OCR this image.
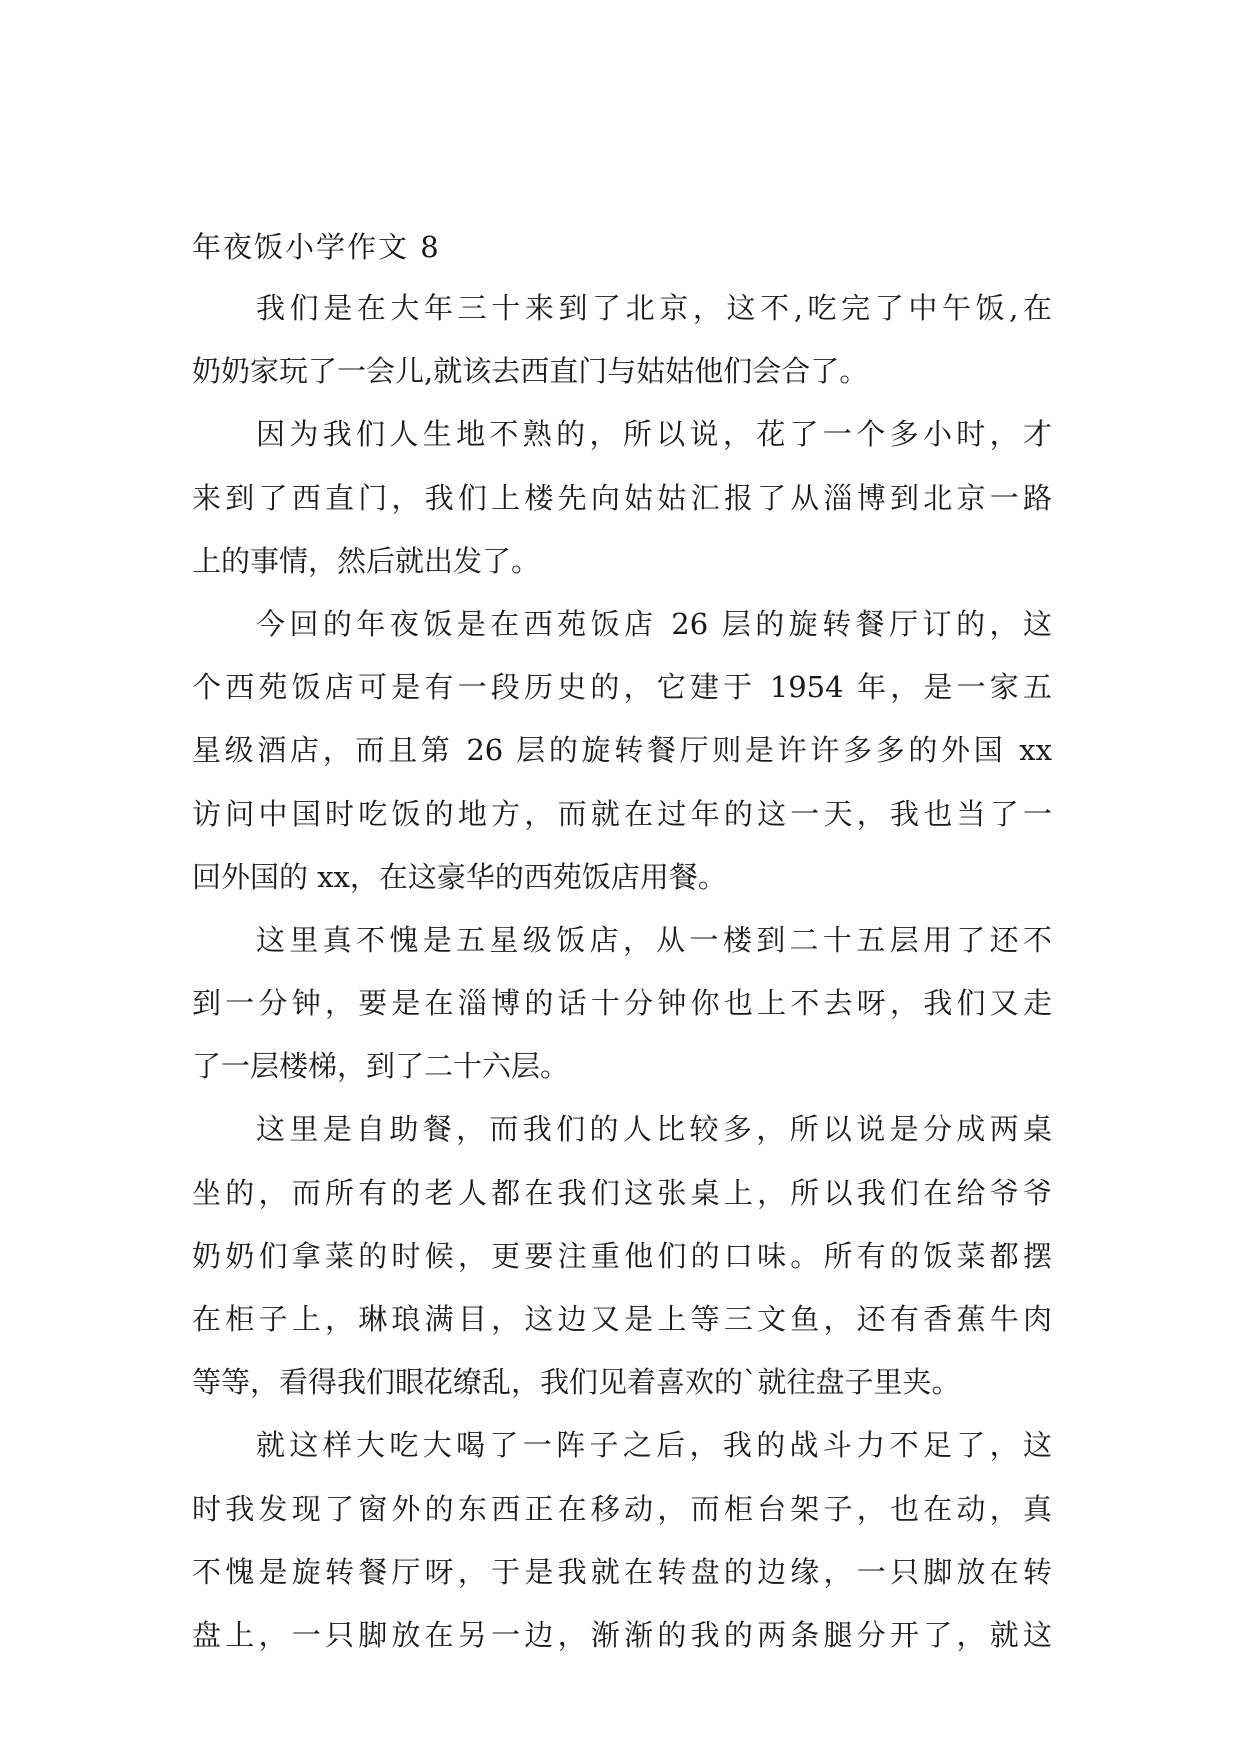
年夜饭小学作文 8

我们是在大年三十来到了北京，这不,吃完了中午饭,在
奶奶家玩了一会儿,就该去西直门与姑姑他们会合了。
因为我们人生地不熟的，所以说，花了一个多小时，才
来到了西直门，我们上楼先向姑姑汇报了从淄博到北京一路
上的事情，然后就出发了。
今回的年夜饭是在西苑饭店 26 层的旋转餐厅订的，这
个西苑饭店可是有一段历史的，它建于 1954 年，是一家五
星级酒店，而且第 26 层的旋转餐厅则是许许多多的外国 xx
访问中国时吃饭的地方，而就在过年的这一天，我也当了一
回外国的 xx，在这豪华的西苑饭店用餐。
这里真不愧是五星级饭店，从一楼到二十五层用了还不
到一分钟，要是在淄博的话十分钟你也上不去呀，我们又走
了一层楼梯，到了二十六层。
这里是自助餐，而我们的人比较多，所以说是分成两桌
坐的，而所有的老人都在我们这张桌上，所以我们在给爷爷
奶奶们拿菜的时候，更要注重他们的口味。所有的饭菜都摆
在柜子上，琳琅满目，这边又是上等三文鱼，还有香蕉牛肉
等等，看得我们眼花缭乱，我们见着喜欢的`就往盘子里夹。
就这样大吃大喝了一阵子之后，我的战斗力不足了，这
时我发现了窗外的东西正在移动，而柜台架子，也在动，真
不愧是旋转餐厅呀，于是我就在转盘的边缘，一只脚放在转
盘上，一只脚放在另一边，渐渐的我的两条腿分开了，就这
